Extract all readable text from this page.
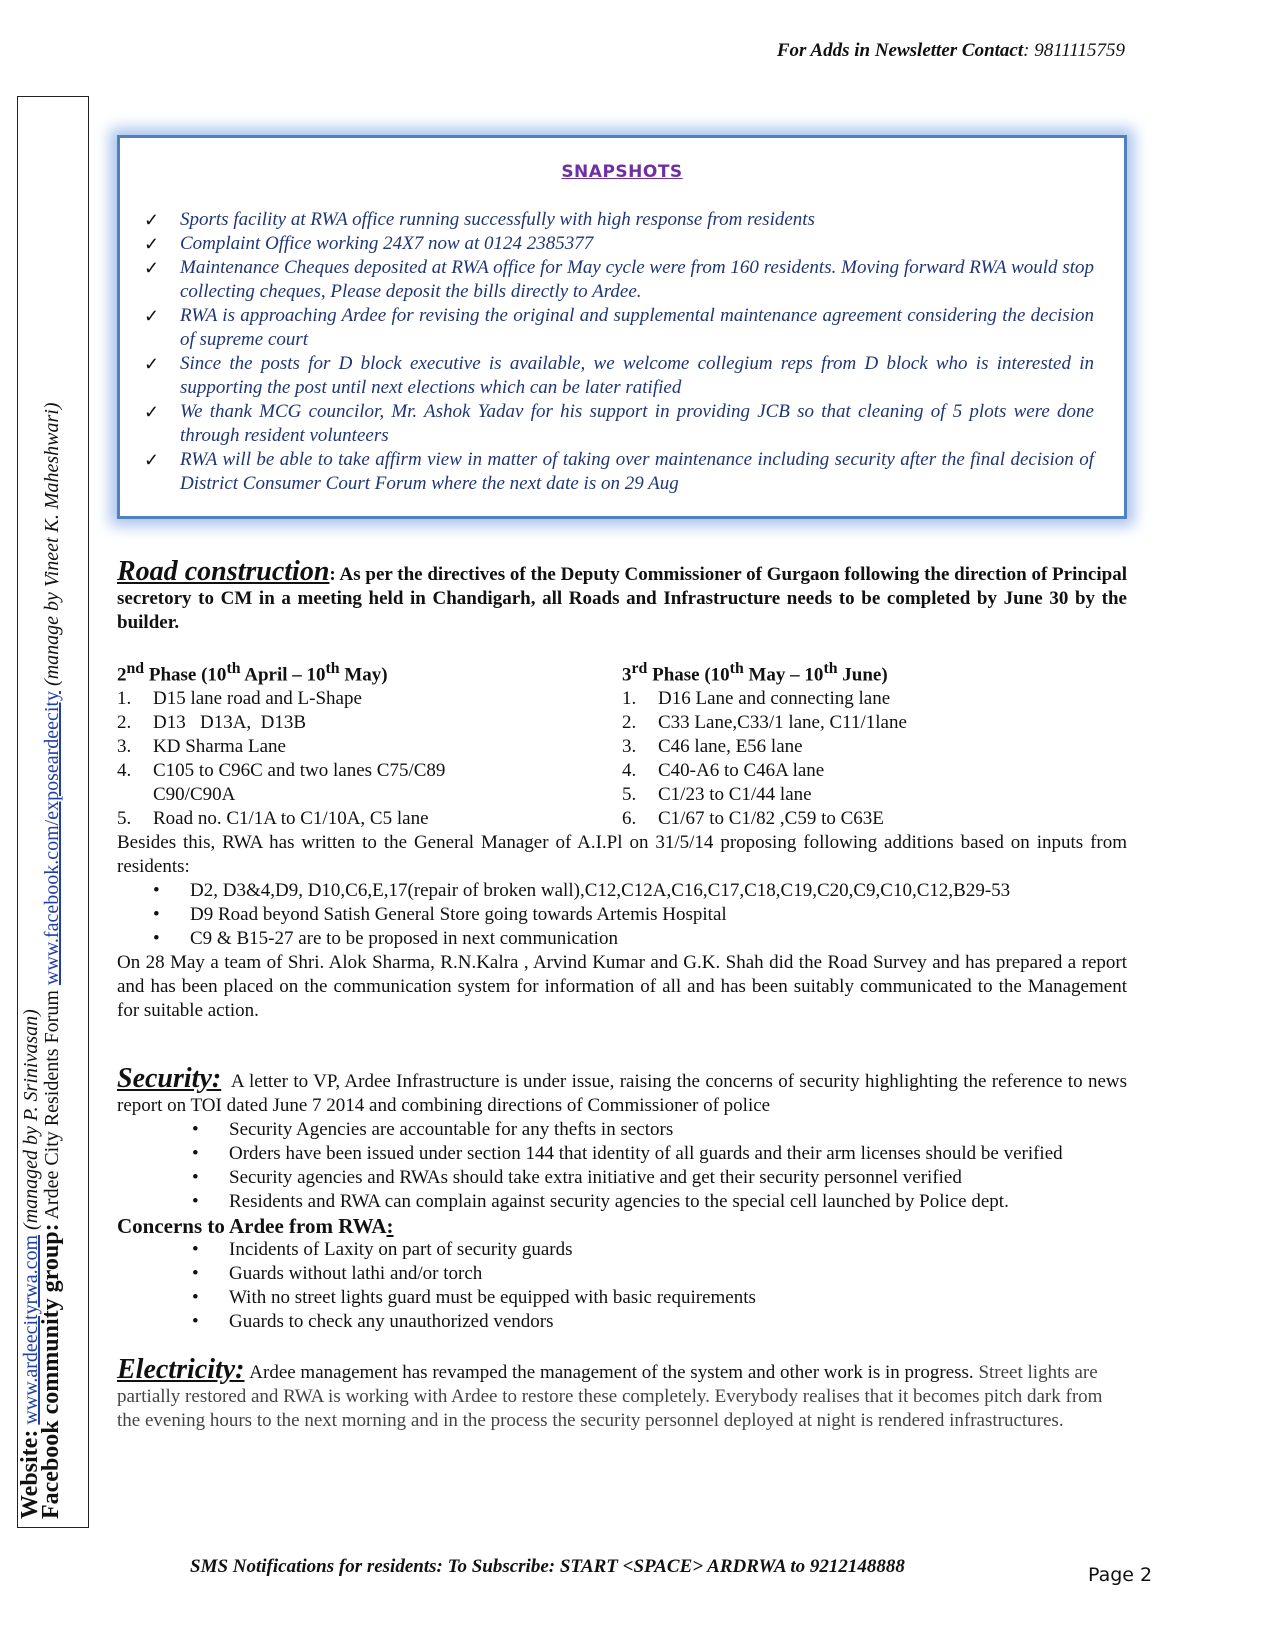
For Adds in Newsletter Contact: 9811115759
Website: www.ardeecityrwa.com (managed by P. Srinivasan)
Facebook community group: Ardee City Residents Forum www.facebook.com/exposeardeecity (manage by Vineet K. Maheshwari)
SNAPSHOTS
✓ Sports facility at RWA office running successfully with high response from residents
✓ Complaint Office working 24X7 now at 0124 2385377
✓ Maintenance Cheques deposited at RWA office for May cycle were from 160 residents. Moving forward RWA would stop collecting cheques, Please deposit the bills directly to Ardee.
✓ RWA is approaching Ardee for revising the original and supplemental maintenance agreement considering the decision of supreme court
✓ Since the posts for D block executive is available, we welcome collegium reps from D block who is interested in supporting the post until next elections which can be later ratified
✓ We thank MCG councilor, Mr. Ashok Yadav for his support in providing JCB so that cleaning of 5 plots were done through resident volunteers
✓ RWA will be able to take affirm view in matter of taking over maintenance including security after the final decision of District Consumer Court Forum where the next date is on 29 Aug

Road construction: As per the directives of the Deputy Commissioner of Gurgaon following the direction of Principal secretory to CM in a meeting held in Chandigarh, all Roads and Infrastructure needs to be completed by June 30 by the builder.

2nd Phase (10th April – 10th May)
1.	D15 lane road and L-Shape
2.	D13   D13A,  D13B
3.	KD Sharma Lane
4.	C105 to C96C and two lanes C75/C89 C90/C90A
5.	Road no. C1/1A to C1/10A, C5 lane
3rd Phase (10th May – 10th June)
1.	D16 Lane and connecting lane
2.	C33 Lane,C33/1 lane, C11/1lane
3.	C46 lane, E56 lane
4.	C40-A6 to C46A lane
5.	C1/23 to C1/44 lane
6.	C1/67 to C1/82 ,C59 to C63E

Besides this, RWA has written to the General Manager of A.I.Pl on 31/5/14 proposing following additions based on inputs from residents:

• D2, D3&4,D9, D10,C6,E,17(repair of broken wall),C12,C12A,C16,C17,C18,C19,C20,C9,C10,C12,B29-53
• D9 Road beyond Satish General Store going towards Artemis Hospital
• C9 & B15-27 are to be proposed in next communication

On 28 May a team of Shri. Alok Sharma, R.N.Kalra , Arvind Kumar and G.K. Shah did the Road Survey and has prepared a report and has been placed on the communication system for information of all and has been suitably communicated to the Management for suitable action.

Security: A letter to VP, Ardee Infrastructure is under issue, raising the concerns of security highlighting the reference to news report on TOI dated June 7 2014 and combining directions of Commissioner of police

• Security Agencies are accountable for any thefts in sectors
• Orders have been issued under section 144 that identity of all guards and their arm licenses should be verified
• Security agencies and RWAs should take extra initiative and get their security personnel verified
• Residents and RWA can complain against security agencies to the special cell launched by Police dept.
Concerns to Ardee from RWA:
• Incidents of Laxity on part of security guards
• Guards without lathi and/or torch
• With no street lights guard must be equipped with basic requirements
• Guards to check any unauthorized vendors

Electricity: Ardee management has revamped the management of the system and other work is in progress. Street lights are partially restored and RWA is working with Ardee to restore these completely. Everybody realises that it becomes pitch dark from the evening hours to the next morning and in the process the security personnel deployed at night is rendered infrastructures.

SMS Notifications for residents: To Subscribe: START <SPACE> ARDRWA to 9212148888	Page 2
